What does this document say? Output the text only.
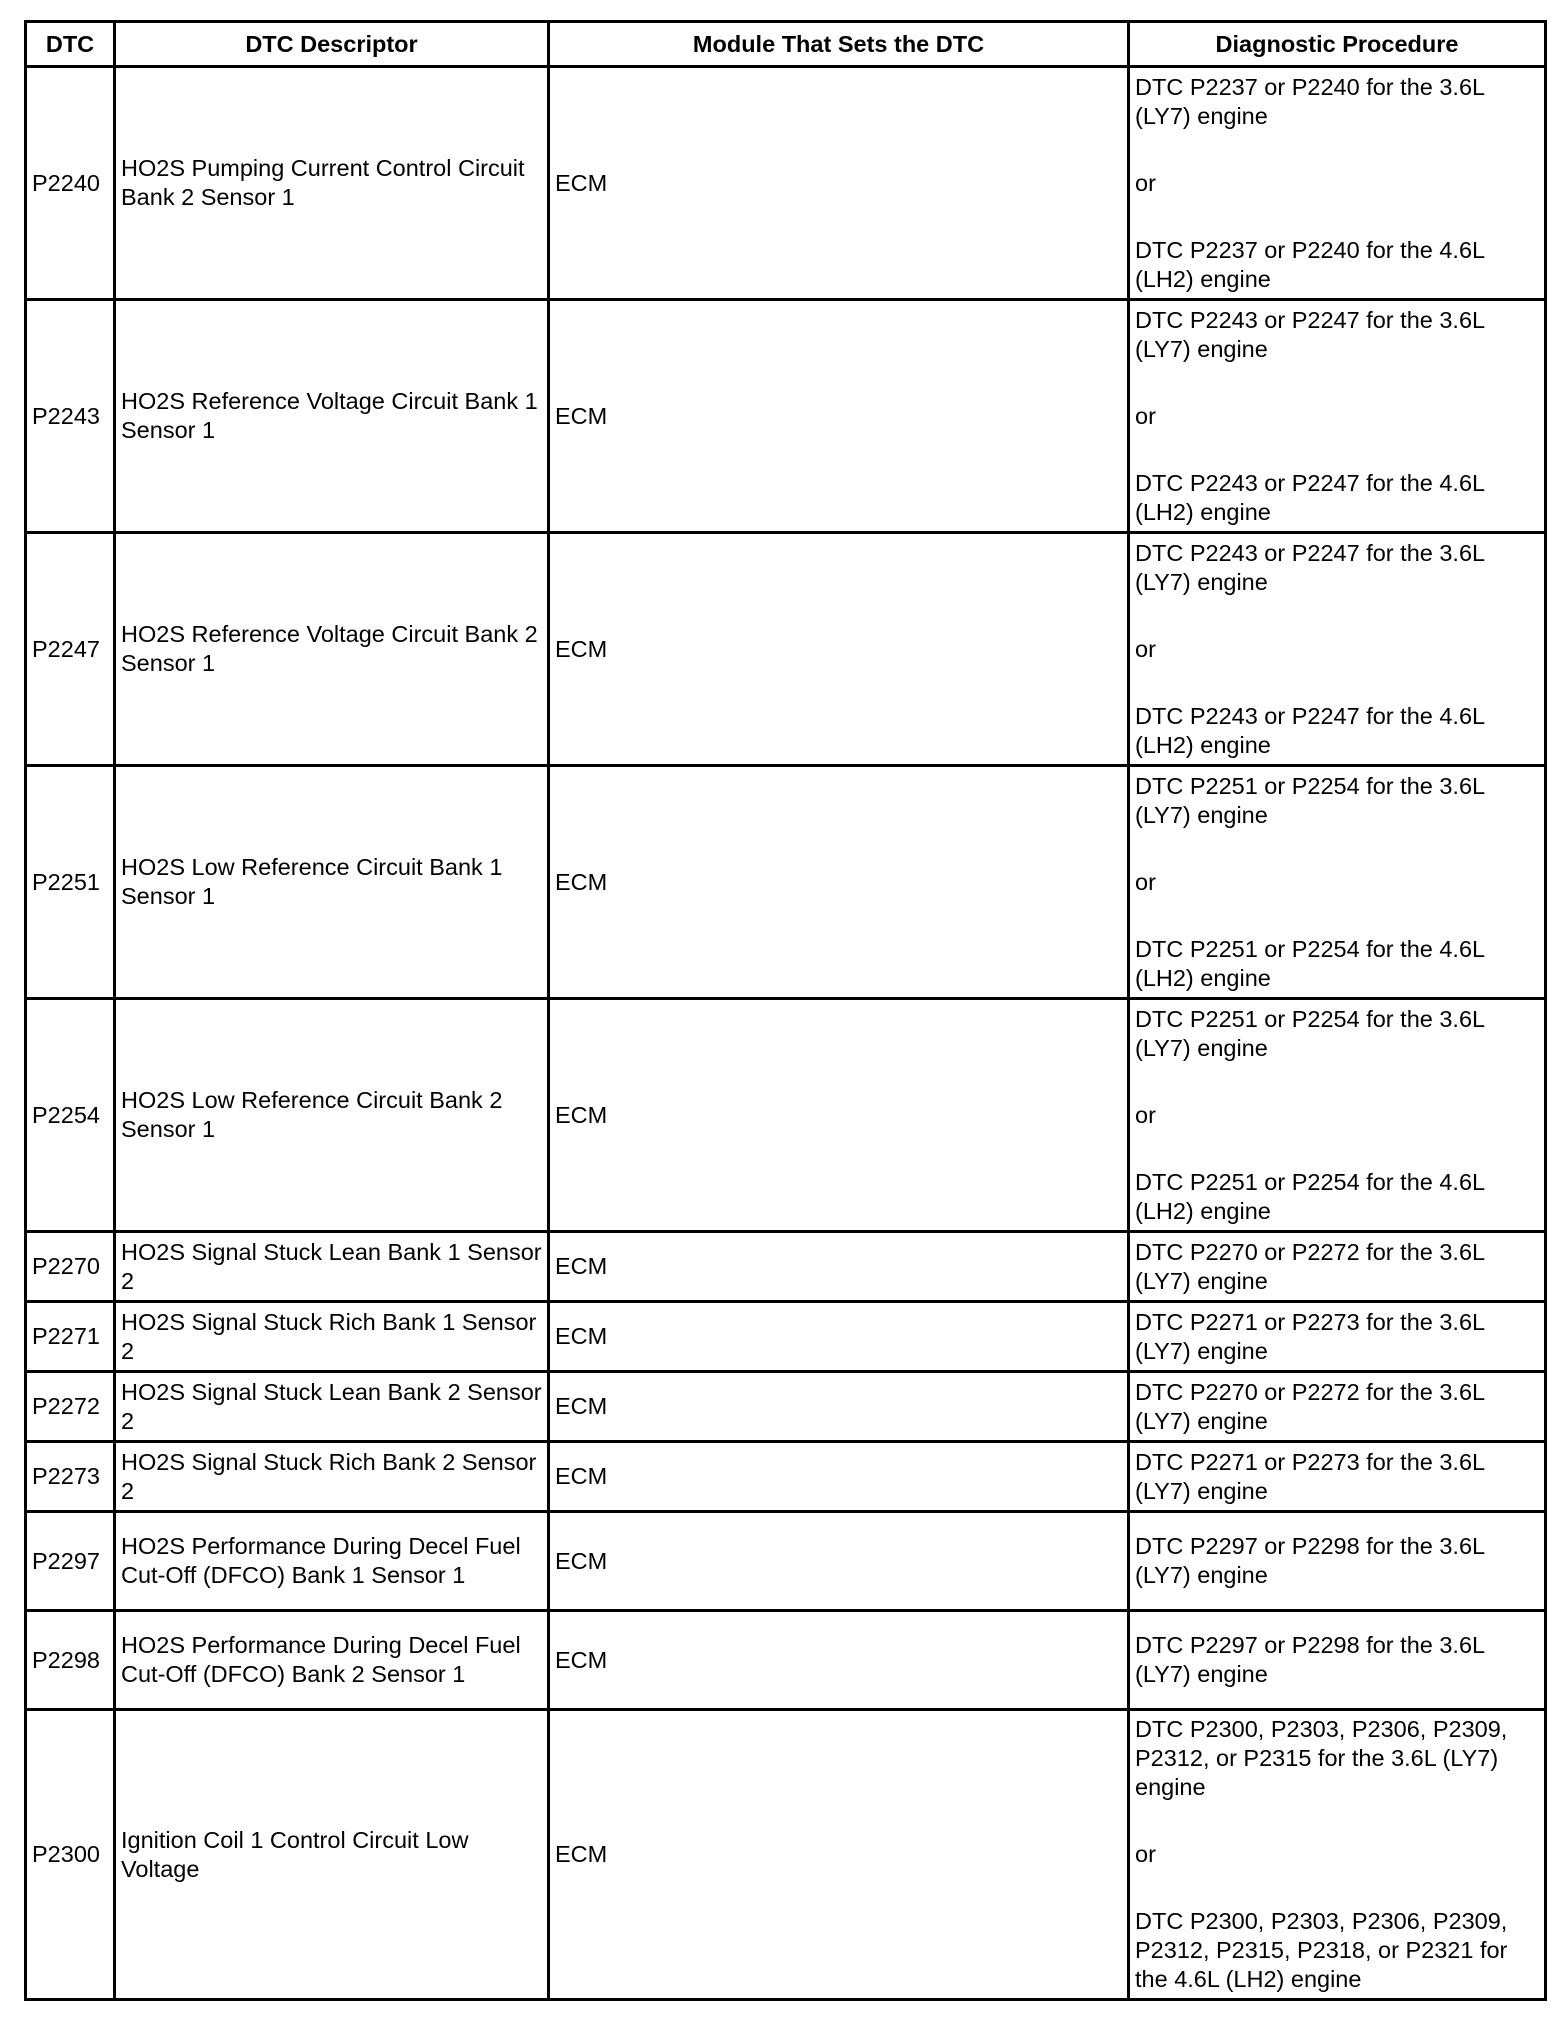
DTC	DTC Descriptor	Module That Sets the DTC	Diagnostic Procedure
P2240	HO2S Pumping Current Control Circuit Bank 2 Sensor 1	ECM	DTC P2237 or P2240 for the 3.6L (LY7) engine
or
DTC P2237 or P2240 for the 4.6L (LH2) engine

P2243	HO2S Reference Voltage Circuit Bank 1 Sensor 1	ECM	DTC P2243 or P2247 for the 3.6L (LY7) engine
or
DTC P2243 or P2247 for the 4.6L (LH2) engine

P2247	HO2S Reference Voltage Circuit Bank 2 Sensor 1	ECM	DTC P2243 or P2247 for the 3.6L (LY7) engine
or
DTC P2243 or P2247 for the 4.6L (LH2) engine

P2251	HO2S Low Reference Circuit Bank 1 Sensor 1	ECM	DTC P2251 or P2254 for the 3.6L (LY7) engine
or
DTC P2251 or P2254 for the 4.6L (LH2) engine

P2254	HO2S Low Reference Circuit Bank 2 Sensor 1	ECM	DTC P2251 or P2254 for the 3.6L (LY7) engine
or
DTC P2251 or P2254 for the 4.6L (LH2) engine

P2270	HO2S Signal Stuck Lean Bank 1 Sensor 2	ECM	DTC P2270 or P2272 for the 3.6L (LY7) engine

P2271	HO2S Signal Stuck Rich Bank 1 Sensor 2	ECM	DTC P2271 or P2273 for the 3.6L (LY7) engine

P2272	HO2S Signal Stuck Lean Bank 2 Sensor 2	ECM	DTC P2270 or P2272 for the 3.6L (LY7) engine

P2273	HO2S Signal Stuck Rich Bank 2 Sensor 2	ECM	DTC P2271 or P2273 for the 3.6L (LY7) engine

P2297	HO2S Performance During Decel Fuel Cut-Off (DFCO) Bank 1 Sensor 1	ECM	DTC P2297 or P2298 for the 3.6L (LY7) engine

P2298	HO2S Performance During Decel Fuel Cut-Off (DFCO) Bank 2 Sensor 1	ECM	DTC P2297 or P2298 for the 3.6L (LY7) engine

P2300	Ignition Coil 1 Control Circuit Low Voltage	ECM	DTC P2300, P2303, P2306, P2309, P2312, or P2315 for the 3.6L (LY7) engine
or
DTC P2300, P2303, P2306, P2309, P2312, P2315, P2318, or P2321 for the 4.6L (LH2) engine
